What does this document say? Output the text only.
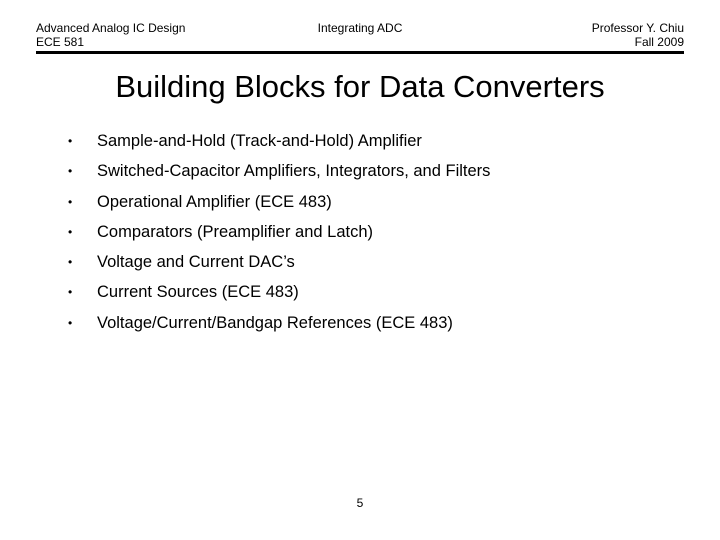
Advanced Analog IC Design
ECE 581
Integrating ADC	Professor Y. Chiu
Fall 2009
Building Blocks for Data Converters
• Sample-and-Hold (Track-and-Hold) Amplifier
• Switched-Capacitor Amplifiers, Integrators, and Filters
• Operational Amplifier (ECE 483)
• Comparators (Preamplifier and Latch)
• Voltage and Current DAC’s
• Current Sources (ECE 483)
• Voltage/Current/Bandgap References (ECE 483)
5
